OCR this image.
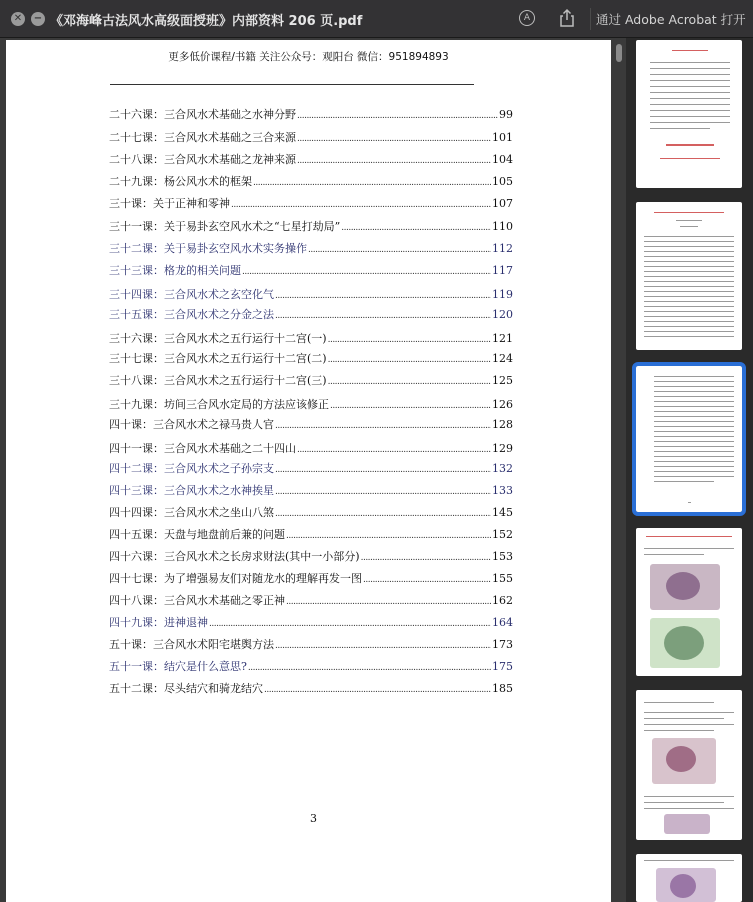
✕ − 《邓海峰古法风水高级面授班》内部资料 206 页.pdf	A	通过 Adobe Acrobat 打开
更多低价课程/书籍 关注公众号：观阳台 微信：951894893
二十六课：三合风水术基础之水神分野 .....	99
二十七课：三合风水术基础之三合来源 .....	101
二十八课：三合风水术基础之龙神来源 .....	104
二十九课：杨公风水术的框架 .....	105
三十课：关于正神和零神 .....	107
三十一课：关于易卦玄空风水术之“七星打劫局” .....	110
三十二课：关于易卦玄空风水术实务操作 .....	112
三十三课：格龙的相关问题 .....	117
三十四课：三合风水术之玄空化气 .....	119
三十五课：三合风水术之分金之法 .....	120
三十六课：三合风水术之五行运行十二宫(一) .....	121
三十七课：三合风水术之五行运行十二宫(二) .....	124
三十八课：三合风水术之五行运行十二宫(三) .....	125
三十九课：坊间三合风水定局的方法应该修正 .....	126
四十课：三合风水术之禄马贵人官 .....	128
四十一课：三合风水术基础之二十四山 .....	129
四十二课：三合风水术之子孙宗支 .....	132
四十三课：三合风水术之水神挨星 .....	133
四十四课：三合风水术之坐山八煞 .....	145
四十五课：天盘与地盘前后兼的问题 .....	152
四十六课：三合风水术之长房求财法(其中一小部分) .....	153
四十七课：为了增强易友们对随龙水的理解再发一图 .....	155
四十八课：三合风水术基础之零正神 .....	162
四十九课：进神退神 .....	164
五十课：三合风水术阳宅堪舆方法 .....	173
五十一课：结穴是什么意思? .....	175
五十二课：尽头结穴和骑龙结穴 .....	185
3
